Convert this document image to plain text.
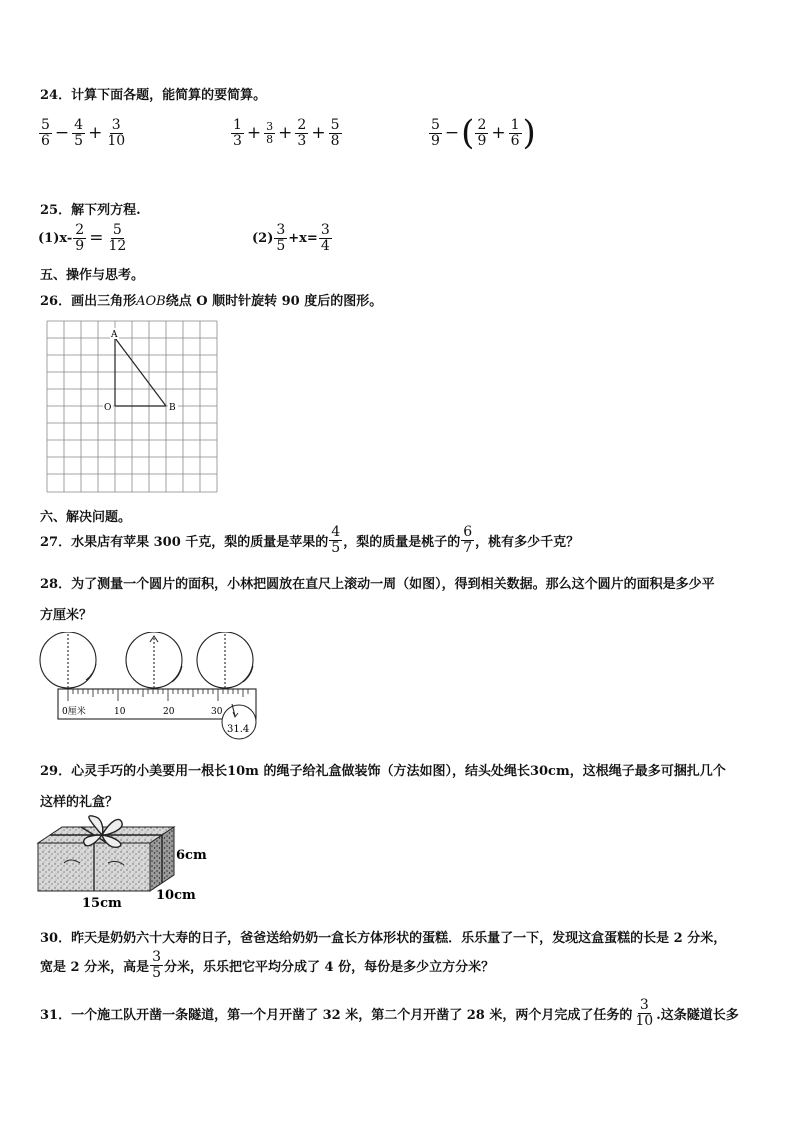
24．计算下面各题，能简算的要简算。
$\frac{5}{6} - \frac{4}{5} + \frac{3}{10}$	$\frac{1}{3} + \frac{3}{8} + \frac{2}{3} + \frac{5}{8}$	$\frac{5}{9}$ − ( $\frac{2}{9} + \frac{1}{6}$ )
25．解下列方程.
$(1)x- \frac{2}{9} = \frac{5}{12}$	$(2) \frac{3}{5} +x= \frac{3}{4}$
五、操作与思考。
26．画出三角形AOB绕点 O 顺时针旋转 90 度后的图形。
A
O	B
六、解决问题。
27．水果店有苹果 300 千克，梨的质量是苹果的 $\frac{4}{5}$ ，梨的质量是桃子的 $\frac{6}{7}$ ，桃有多少千克？
28．为了测量一个圆片的面积，小林把圆放在直尺上滚动一周（如图），得到相关数据。那么这个圆片的面积是多少平
方厘米？
0厘米	10	20	30
31.4
29．心灵手巧的小美要用一根长10m 的绳子给礼盒做装饰（方法如图），结头处绳长30cm，这根绳子最多可捆扎几个
这样的礼盒？
6cm
10cm
15cm
30．昨天是奶奶六十大寿的日子，爸爸送给奶奶一盒长方体形状的蛋糕．乐乐量了一下，发现这盒蛋糕的长是 2 分米，
宽是 2 分米，高是 $\frac{3}{5}$ 分米，乐乐把它平均分成了 4 份，每份是多少立方分米？
31．一个施工队开凿一条隧道，第一个月开凿了 32 米，第二个月开凿了 28 米，两个月完成了任务的 $\frac{3}{10}$ .这条隧道长多
